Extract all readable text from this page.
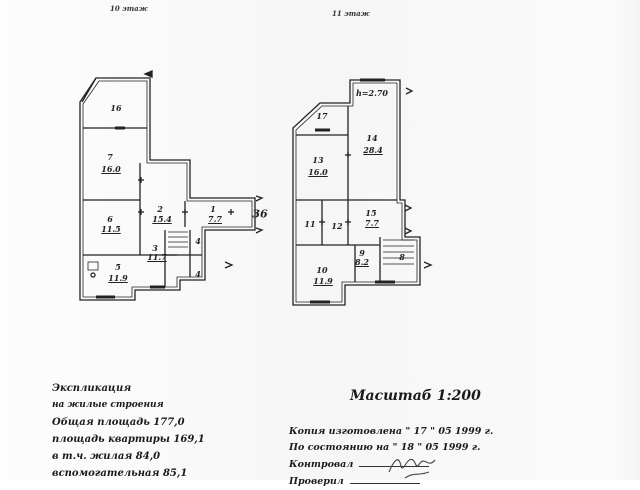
10 этаж
11 этаж
16
7
16.0
2
15.4
1
7.7
6
11.5
3
11.7
4
4
5
11.9
36
h=2.70
17
14
28.4
13
16.0
11 12
15
7.7
9
8.2	8
10
11.9
Экспликация
на жилые строения
Общая площадь 177,0
площадь квартиры 169,1
в т.ч. жилая 84,0
вспомогательная 85,1
Масштаб 1:200
Копия изготовлена " 17 " 05 1999 г.
По состоянию на " 18 " 05 1999 г.
Контровал
Проверил
